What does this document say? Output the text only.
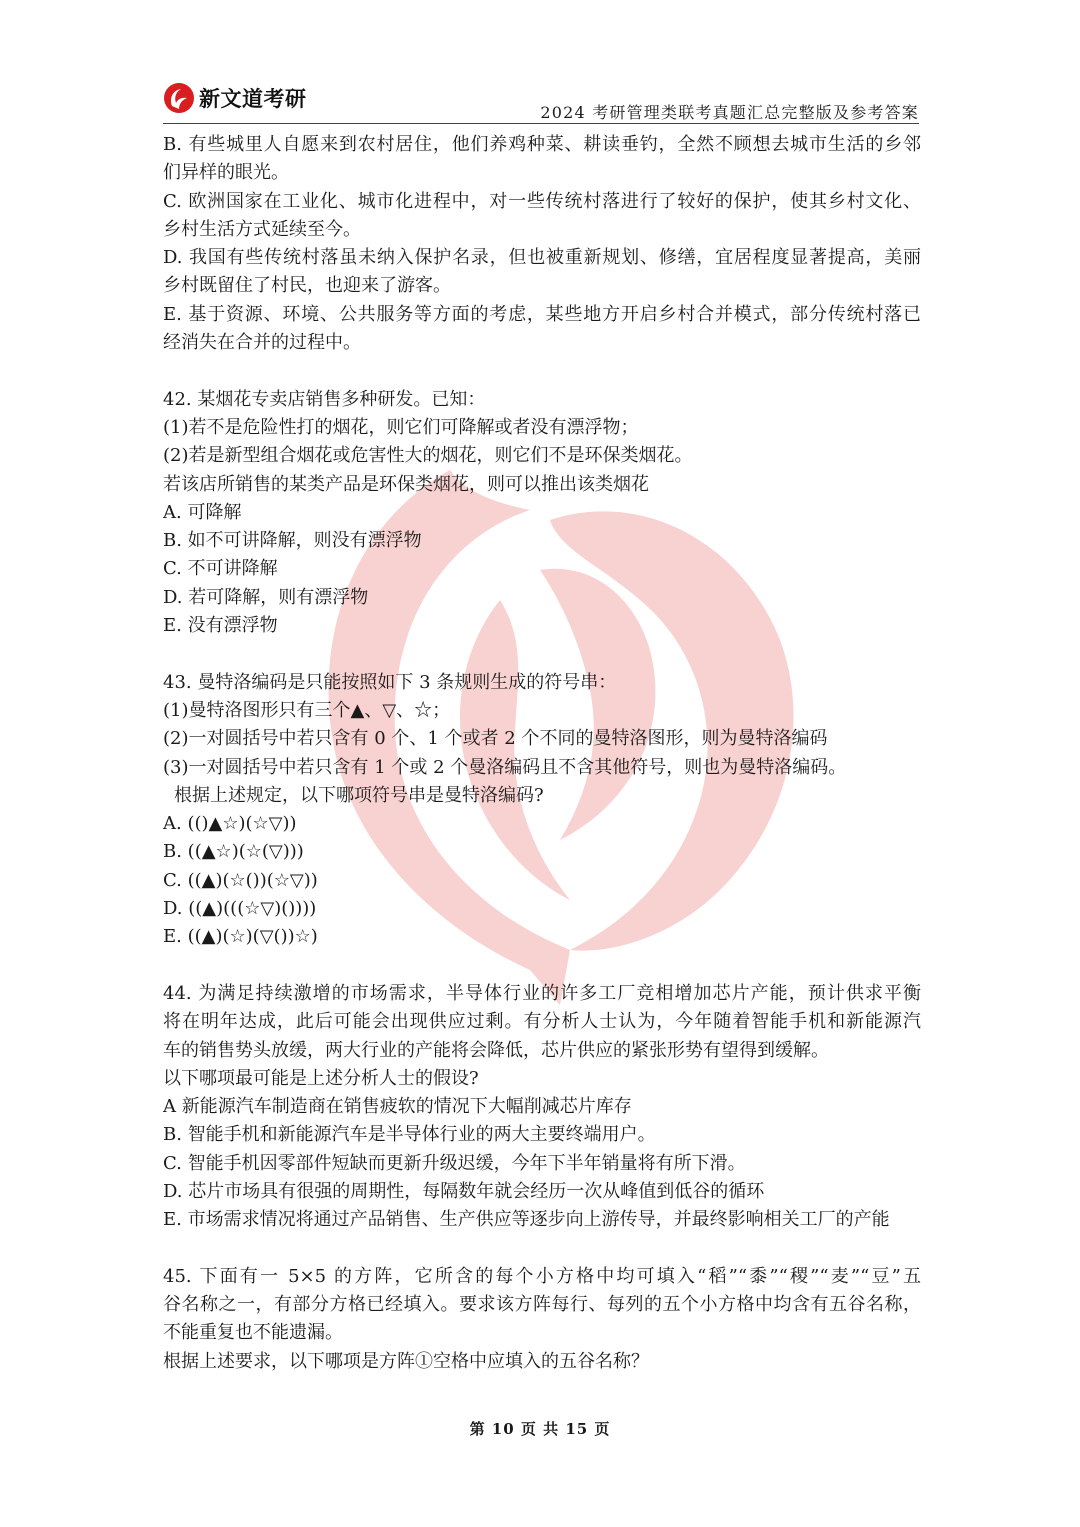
新文道考研
2024 考研管理类联考真题汇总完整版及参考答案
B. 有些城里人自愿来到农村居住，他们养鸡种菜、耕读垂钓，全然不顾想去城市生活的乡邻
们异样的眼光。
C. 欧洲国家在工业化、城市化进程中，对一些传统村落进行了较好的保护，使其乡村文化、
乡村生活方式延续至今。
D. 我国有些传统村落虽未纳入保护名录，但也被重新规划、修缮，宜居程度显著提高，美丽
乡村既留住了村民，也迎来了游客。
E. 基于资源、环境、公共服务等方面的考虑，某些地方开启乡村合并模式，部分传统村落已
经消失在合并的过程中。
42. 某烟花专卖店销售多种研发。已知：
(1)若不是危险性打的烟花，则它们可降解或者没有漂浮物；
(2)若是新型组合烟花或危害性大的烟花，则它们不是环保类烟花。
若该店所销售的某类产品是环保类烟花，则可以推出该类烟花
A. 可降解
B. 如不可讲降解，则没有漂浮物
C. 不可讲降解
D. 若可降解，则有漂浮物
E. 没有漂浮物
43. 曼特洛编码是只能按照如下 3 条规则生成的符号串：
(1)曼特洛图形只有三个▲、▽、☆；
(2)一对圆括号中若只含有 0 个、1 个或者 2 个不同的曼特洛图形，则为曼特洛编码
(3)一对圆括号中若只含有 1 个或 2 个曼洛编码且不含其他符号，则也为曼特洛编码。
根据上述规定，以下哪项符号串是曼特洛编码?
A. (()▲☆)(☆▽))
B. ((▲☆)(☆(▽)))
C. ((▲)(☆())(☆▽))
D. ((▲)(((☆▽)())))
E. ((▲)(☆)(▽())☆)
44. 为满足持续激增的市场需求，半导体行业的许多工厂竞相增加芯片产能，预计供求平衡
将在明年达成，此后可能会出现供应过剩。有分析人士认为，今年随着智能手机和新能源汽
车的销售势头放缓，两大行业的产能将会降低，芯片供应的紧张形势有望得到缓解。
以下哪项最可能是上述分析人士的假设?
A 新能源汽车制造商在销售疲软的情况下大幅削减芯片库存
B. 智能手机和新能源汽车是半导体行业的两大主要终端用户。
C. 智能手机因零部件短缺而更新升级迟缓，今年下半年销量将有所下滑。
D. 芯片市场具有很强的周期性，每隔数年就会经历一次从峰值到低谷的循环
E. 市场需求情况将通过产品销售、生产供应等逐步向上游传导，并最终影响相关工厂的产能
45. 下面有一 5×5 的方阵，它所含的每个小方格中均可填入“稻”“黍”“稷”“麦”“豆”五
谷名称之一，有部分方格已经填入。要求该方阵每行、每列的五个小方格中均含有五谷名称，
不能重复也不能遗漏。
根据上述要求，以下哪项是方阵①空格中应填入的五谷名称？
第 10 页 共 15 页
